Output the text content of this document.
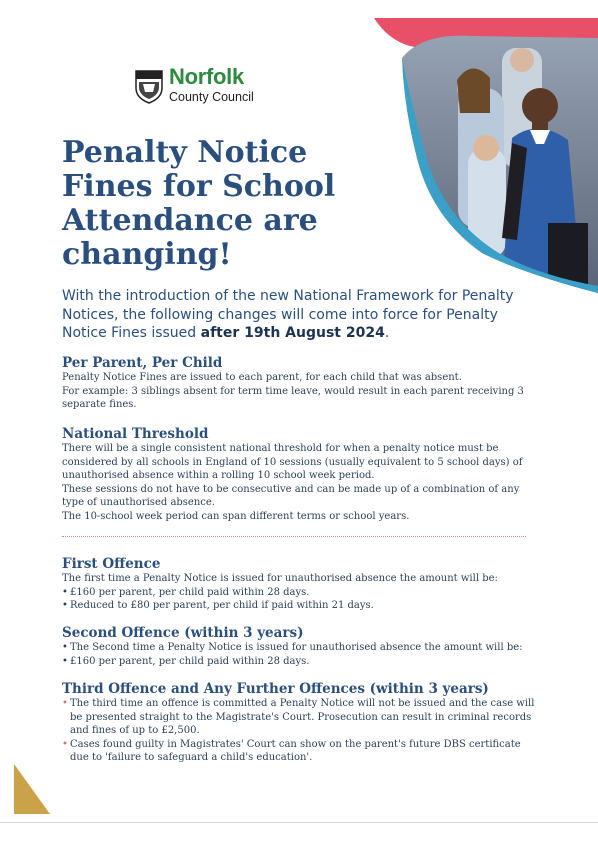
Norfolk
County Council
Penalty Notice Fines for School Attendance are changing!

With the introduction of the new National Framework for Penalty Notices, the following changes will come into force for Penalty Notice Fines issued after 19th August 2024.

Per Parent, Per Child

Penalty Notice Fines are issued to each parent, for each child that was absent.

For example: 3 siblings absent for term time leave, would result in each parent receiving 3 separate fines.

National Threshold

There will be a single consistent national threshold for when a penalty notice must be considered by all schools in England of 10 sessions (usually equivalent to 5 school days) of unauthorised absence within a rolling 10 school week period.

These sessions do not have to be consecutive and can be made up of a combination of any type of unauthorised absence.

The 10-school week period can span different terms or school years.

First Offence

The first time a Penalty Notice is issued for unauthorised absence the amount will be:

• £160 per parent, per child paid within 28 days.
• Reduced to £80 per parent, per child if paid within 21 days.
Second Offence (within 3 years)
• The Second time a Penalty Notice is issued for unauthorised absence the amount will be:
• £160 per parent, per child paid within 28 days.
Third Offence and Any Further Offences (within 3 years)
• The third time an offence is committed a Penalty Notice will not be issued and the case will be presented straight to the Magistrate's Court. Prosecution can result in criminal records and fines of up to £2,500.
• Cases found guilty in Magistrates' Court can show on the parent's future DBS certificate due to 'failure to safeguard a child's education'.
